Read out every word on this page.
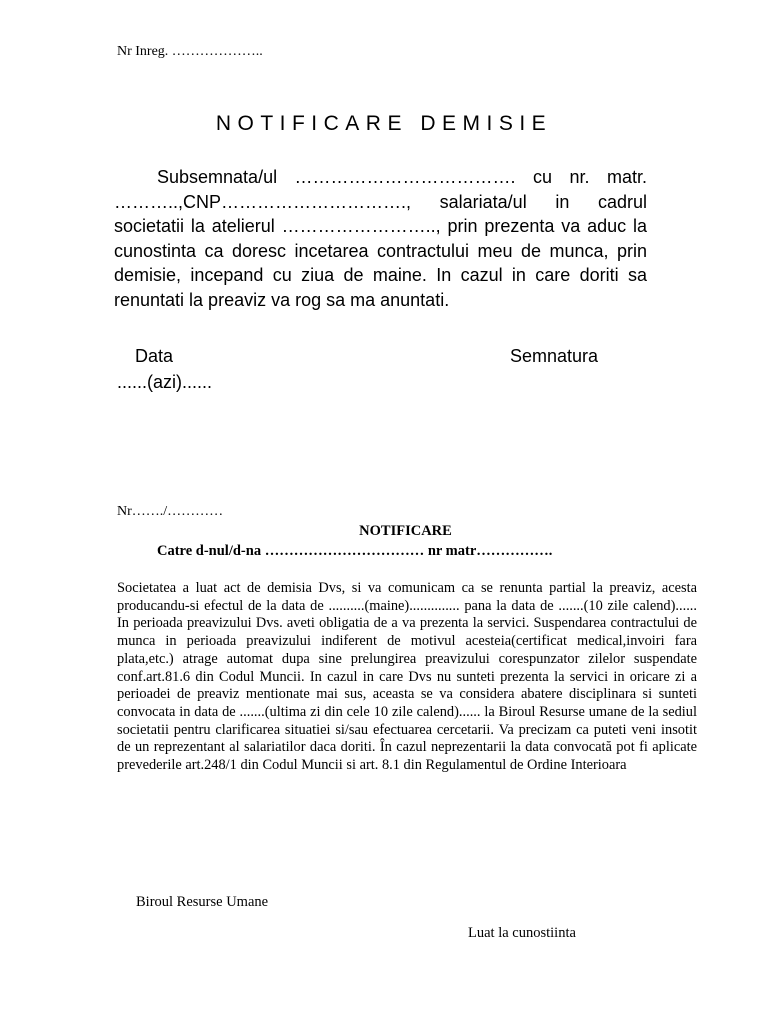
Nr Inreg. ………………..
NOTIFICARE DEMISIE
Subsemnata/ul ………………………………. cu nr. matr. ………..,CNP…………………………., salariata/ul in cadrul societatii la atelierul …………………….., prin prezenta va aduc la cunostinta ca doresc incetarea contractului meu de munca, prin demisie, incepand cu ziua de maine. In cazul in care doriti sa renuntati la preaviz va rog sa ma anuntati.
Data
......(azi)......
Semnatura
Nr……./…………
NOTIFICARE
Catre d-nul/d-na …………………………… nr matr…………….
Societatea a luat act de demisia Dvs, si va comunicam ca se renunta partial la preaviz, acesta producandu-si efectul de la data de ..........(maine).............. pana la data de .......(10 zile calend)...... In perioada preavizului Dvs. aveti obligatia de a va prezenta la servici. Suspendarea contractului de munca in perioada preavizului indiferent de motivul acesteia(certificat medical,invoiri fara plata,etc.) atrage automat dupa sine prelungirea preavizului corespunzator zilelor suspendate conf.art.81.6 din Codul Muncii. In cazul in care Dvs nu sunteti prezenta la servici in oricare zi a perioadei de preaviz mentionate mai sus, aceasta se va considera abatere disciplinara si sunteti convocata in data de .......(ultima zi din cele 10 zile calend)...... la Biroul Resurse umane de la sediul societatii pentru clarificarea situatiei si/sau efectuarea cercetarii. Va precizam ca puteti veni insotit de un reprezentant al salariatilor daca doriti. În cazul neprezentarii la data convocată pot fi aplicate prevederile art.248/1 din Codul Muncii si art. 8.1 din Regulamentul de Ordine Interioara
Biroul Resurse Umane
Luat la cunostiinta
